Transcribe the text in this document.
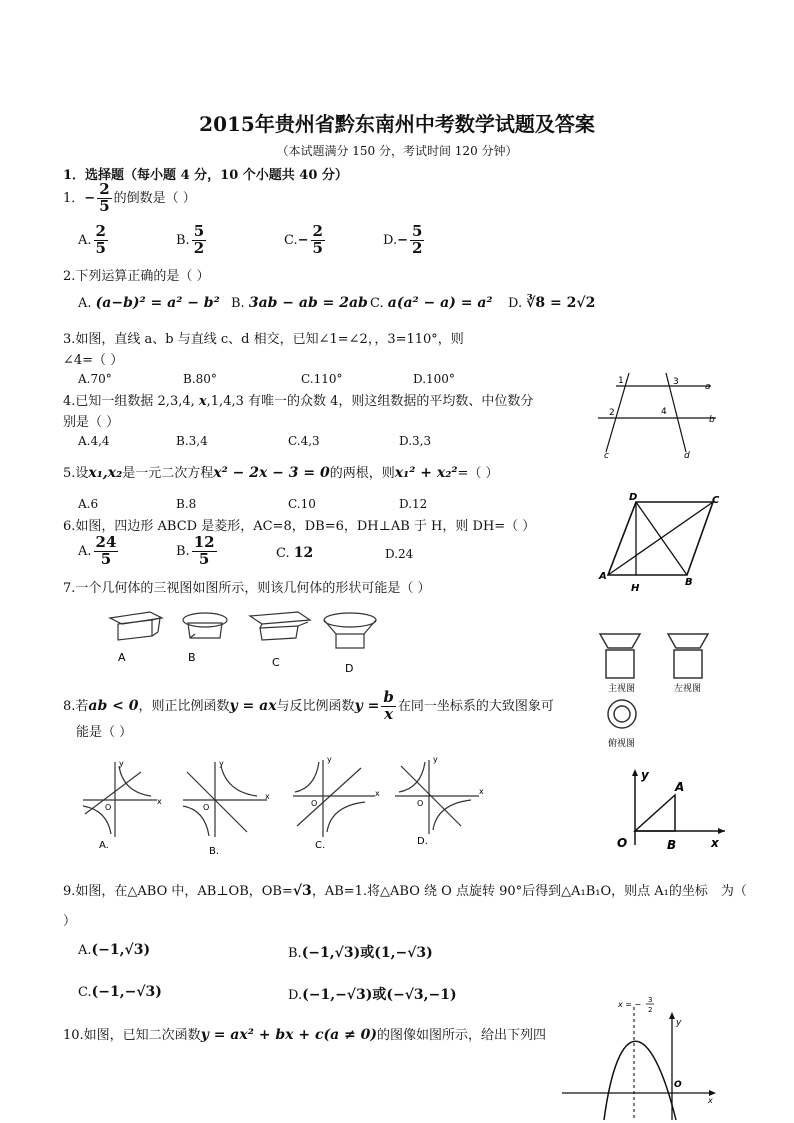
2015年贵州省黔东南州中考数学试题及答案
（本试题满分 150 分，考试时间 120 分钟）
1．选择题（每小题 4 分，10 个小题共 40 分）
1．− $\frac{2}{5}$ 的倒数是（ ）
A. $\frac{2}{5}$	B. $\frac{5}{2}$	$C.- \frac{2}{5}$	$D.- \frac{5}{2}$
2.下列运算正确的是（ ）
A. (a−b)² = a² − b² B. 3ab − ab = 2ab C. a(a² − a) = a² D. ∛8 = 2√2
3.如图，直线 a、b 与直线 c、d 相交，已知∠1=∠2，，3=110°，则
∠4=（ ）
A.70°	B.80°	C.110°	D.100°	1	3	a
2	4
b
c	d
4.已知一组数据 2,3,4, x,1,4,3 有唯一的众数 4，则这组数据的平均数、中位数分
别是（ ）
A.4,4	B.3,4	C.4,3	D.3,3
5.设x₁,x₂是一元二次方程x² − 2x − 3 = 0的两根，则x₁² + x₂²=（ ）
A.6	B.8	C.10	D.12
6.如图，四边形 ABCD 是菱形，AC=8，DB=6，DH⊥AB 于 H，则 DH=（ ）
A. $\frac{24}{5}$	B. $\frac{12}{5}$	C. 12	D.24
D	C
A
H
B
7.一个几何体的三视图如图所示，则该几何体的形状可能是（ ）
A	B	C	D
主视图	左视图
俯视图
8.若ab < 0，则正比例函数y = ax与反比例函数$y = \frac{b}{x}$ 在同一坐标系的大致图象可
能是（ ）
y
x
O
A.
y
x
O
B.
y
x
O
C.
y
x
O
D.
y
A
O	B	x
9.如图，在△ABO 中，AB⊥OB，OB=√3，AB=1.将△ABO 绕 O 点旋转 90°后得到△A₁B₁O，则点 A₁的坐标　为（
）
A.(−1,√3)	B.(−1,√3)或(1,−√3)
C.(−1,−√3)	D.(−1,−√3)或(−√3,−1)
10.如图，已知二次函数y = ax² + bx + c(a ≠ 0)的图像如图所示，给出下列四
x = − 3
2
y
O
x
